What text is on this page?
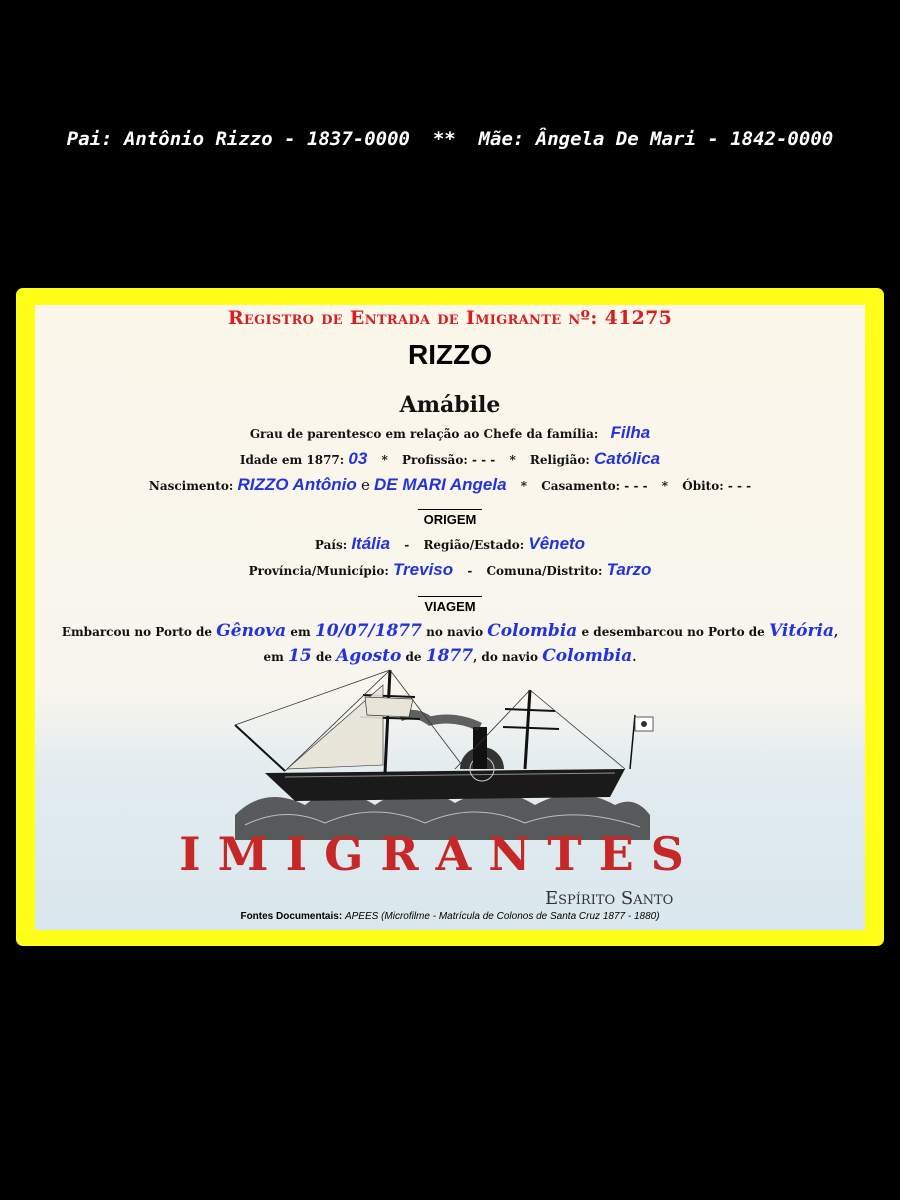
Pai: Antônio Rizzo - 1837-0000  **  Mãe: Ângela De Mari - 1842-0000
Registro de Entrada de Imigrante nº: 41275
RIZZO
Amábile
Grau de parentesco em relação ao Chefe da família: Filha
Idade em 1877: 03 * Profissão: - - - * Religião: Católica
Nascimento: RIZZO Antônio e DE MARI Angela * Casamento: - - - * Óbito: - - -
ORIGEM
País: Itália - Região/Estado: Vêneto
Província/Município: Treviso - Comuna/Distrito: Tarzo
VIAGEM
Embarcou no Porto de Gênova em 10/07/1877 no navio Colombia e desembarcou no Porto de Vitória,
em 15 de Agosto de 1877, do navio Colombia.
IMIGRANTES
Espírito Santo
Fontes Documentais: APEES (Microfilme - Matrícula de Colonos de Santa Cruz 1877 - 1880)
